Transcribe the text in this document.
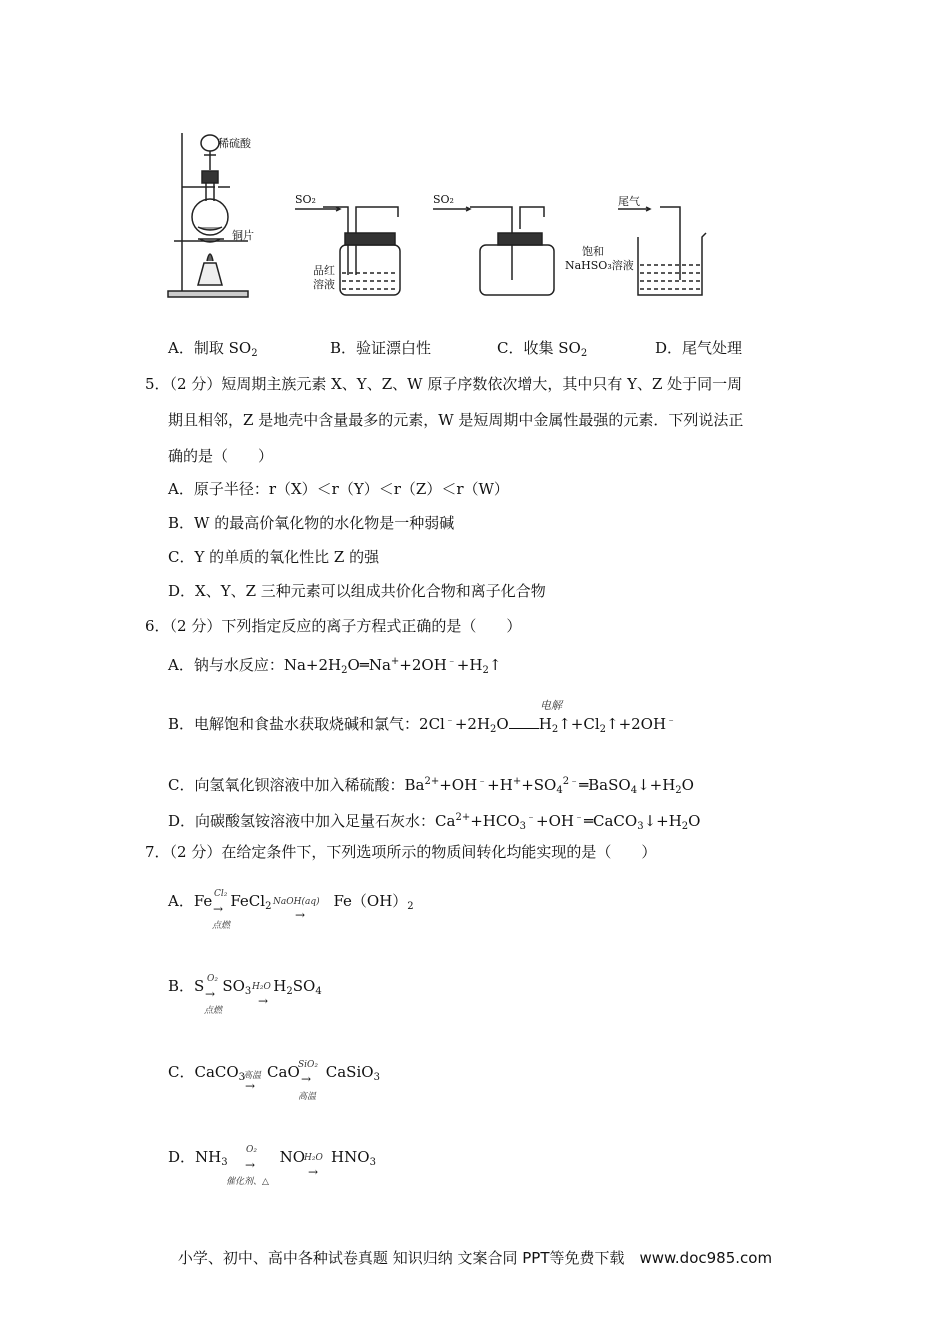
稀硫酸
铜片
SO₂
品红
溶液
SO₂	尾气
饱和
NaHSO₃溶液
A．制取 $SO_2$	B．验证漂白性	C．收集 $SO_2$	D．尾气处理
5．（2 分）短周期主族元素 X、Y、Z、W 原子序数依次增大，其中只有 Y、Z 处于同一周
期且相邻，Z 是地壳中含量最多的元素，W 是短周期中金属性最强的元素．下列说法正
确的是（　　）
A．原子半径：r（X）＜r（Y）＜r（Z）＜r（W）
B．W 的最高价氧化物的水化物是一种弱碱
C．Y 的单质的氧化性比 Z 的强
D．X、Y、Z 三种元素可以组成共价化合物和离子化合物
6．（2 分）下列指定反应的离子方程式正确的是（　　）
A．钠与水反应：$Na+2H_2O═Na^++2OH^﹣+H_2↑$
电解
B．电解饱和食盐水获取烧碱和氯气：$2Cl^﹣+2H_2O$ $H_2↑+Cl_2↑+2OH^﹣$
C．向氢氧化钡溶液中加入稀硫酸：$Ba^{2+}+OH^﹣+H^++SO_4^{2﹣}═BaSO_4↓+H_2O$
D．向碳酸氢铵溶液中加入足量石灰水：$Ca^{2+}+HCO_3^﹣+OH^﹣═CaCO_3↓+H_2O$
7．（2 分）在给定条件下，下列选项所示的物质间转化均能实现的是（　　）
A．Fe FeCl$_2$	$Fe(OH)_2$
Cl₂
→
点燃
NaOH(aq)
→
B．S $SO_3$ $H_2SO_4$
O₂
→
点燃
H₂O
→
C．CaCO$_3$ CaO CaSiO$_3$
高温
→
SiO₂
→
高温
D．$NH_3$	NO $HNO_3$
O₂
→
催化剂、△
H₂O
→
小学、初中、高中各种试卷真题 知识归纳 文案合同 PPT等免费下载　www.doc985.com
